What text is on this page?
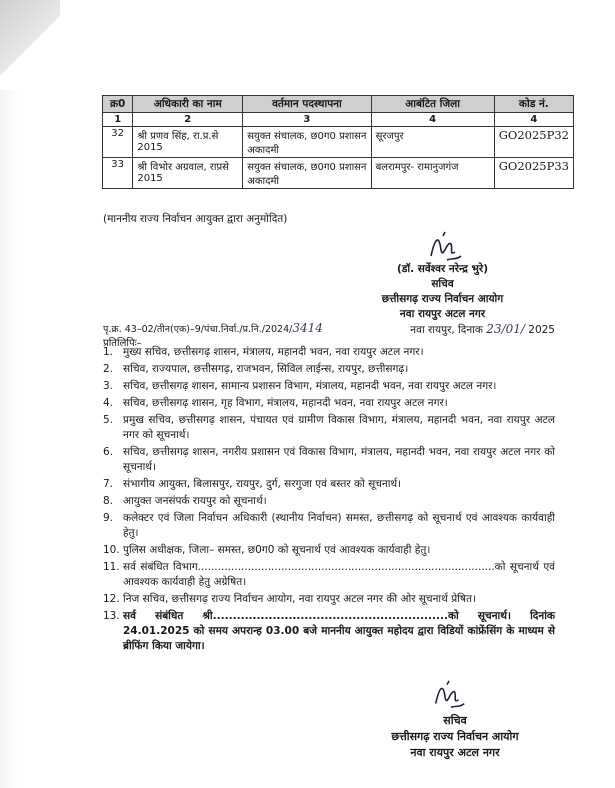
क्र0	अधिकारी का नाम	वर्तमान पदस्थापना	आबंटित जिला	कोड नं.
1	2	3	4	4
32	श्री प्रणव सिंह, रा.प्र.से 2015	सयुक्त संचालक, छ0ग0 प्रशासन अकादमी	सूरजपुर	GO2025P32
33	श्री विभोर अग्रवाल, राप्रसे 2015	सयुक्त संचालक, छ0ग0 प्रशासन अकादमी	बलरामपुर- रामानुजगंज	GO2025P33
(माननीय राज्य निर्वाचन आयुक्त द्वारा अनुमोदित)
(डॉ. सर्वेश्वर नरेन्द्र भुरे)
सचिव
छत्तीसगढ़ राज्य निर्वाचन आयोग
नवा रायपुर अटल नगर
नवा रायपुर, दिनाक 23/01/ 2025
पृ.क्र. 43–02/तीन(एक)–9/पंचा.निर्वा./प्र.नि./2024/3414
प्रतिलिपिः–
1. मुख्य सचिव, छत्तीसगढ़ शासन, मंत्रालय, महानदी भवन, नवा रायपुर अटल नगर।
2. सचिव, राज्यपाल, छत्तीसगढ़, राजभवन, सिविल लाईन्स, रायपुर, छत्तीसगढ़।
3. सचिव, छत्तीसगढ़ शासन, सामान्य प्रशासन विभाग, मंत्रालय, महानदी भवन, नवा रायपुर अटल नगर।
4. सचिव, छत्तीसगढ़ शासन, गृह विभाग, मंत्रालय, महानदी भवन, नवा रायपुर अटल नगर।
5. प्रमुख सचिव, छत्तीसगढ़ शासन, पंचायत एवं ग्रामीण विकास विभाग, मंत्रालय, महानदी भवन, नवा रायपुर अटल नगर को सूचनार्थ।
6. सचिव, छत्तीसगढ़ शासन, नगरीय प्रशासन एवं विकास विभाग, मंत्रालय, महानदी भवन, नवा रायपुर अटल नगर को सूचनार्थ।
7. संभागीय आयुक्त, बिलासपुर, रायपुर, दुर्ग, सरगुजा एवं बस्तर को सूचनार्थ।
8. आयुक्त जनसंपर्क रायपुर को सूचनार्थ।
9. कलेक्टर एवं जिला निर्वाचन अधिकारी (स्थानीय निर्वाचन) समस्त, छत्तीसगढ़ को सूचनार्थ एवं आवश्यक कार्यवाही हेतु।
10. पुलिस अधीक्षक, जिला– समस्त, छ0ग0 को सूचनार्थ एवं आवश्यक कार्यवाही हेतु।
11. सर्व संबंधित विभाग.........................................................................................को सूचनार्थ एवं आवश्यक कार्यवाही हेतु अग्रेषित।
12. निज सचिव, छत्तीसगढ़ राज्य निर्वाचन आयोग, नवा रायपुर अटल नगर की ओर सूचनार्थ प्रेषित।
13. सर्व संबंधित श्री...........................................................को सूचनार्थ। दिनांक 24.01.2025 को समय अपरान्ह 03.00 बजे माननीय आयुक्त महोदय द्वारा विडियों कांफ्रेंसिंग के माध्यम से ब्रीफिंग किया जायेगा।
सचिव
छत्तीसगढ़ राज्य निर्वाचन आयोग
नवा रायपुर अटल नगर
